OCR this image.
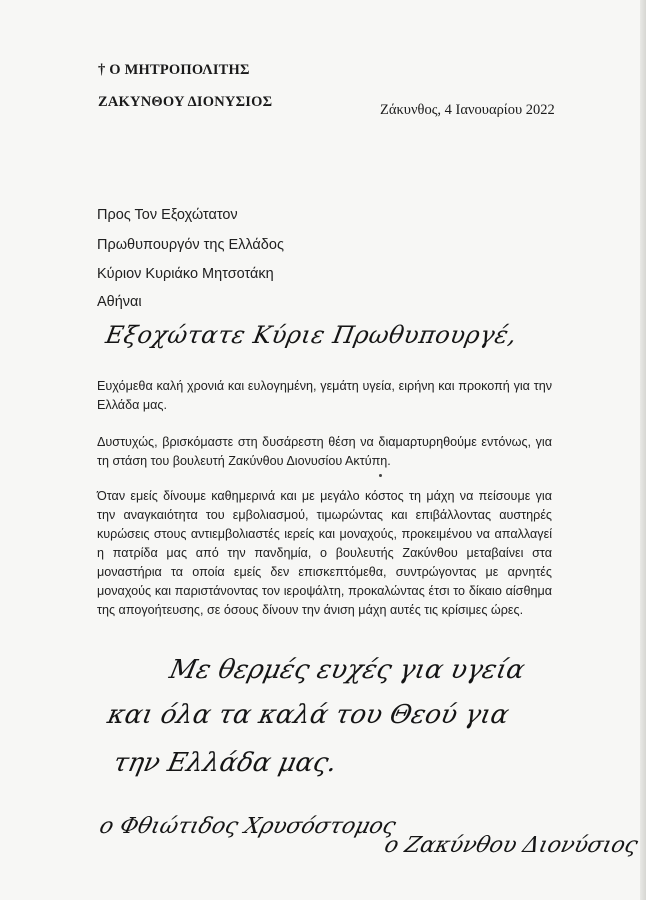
† Ο ΜΗΤΡΟΠΟΛΙΤΗΣ
ΖΑΚΥΝΘΟΥ ΔΙΟΝΥΣΙΟΣ	Ζάκυνθος, 4 Ιανουαρίου 2022
Προς Τον Εξοχώτατον
Πρωθυπουργόν της Ελλάδος
Κύριον Κυριάκο Μητσοτάκη
Αθήναι
Εξοχώτατε Κύριε Πρωθυπουργέ,
Ευχόμεθα καλή χρονιά και ευλογημένη, γεμάτη υγεία, ειρήνη και προκοπή για την Ελλάδα μας.
Δυστυχώς, βρισκόμαστε στη δυσάρεστη θέση να διαμαρτυρηθούμε εντόνως, για τη στάση του βουλευτή Ζακύνθου Διονυσίου Ακτύπη.
Όταν εμείς δίνουμε καθημερινά και με μεγάλο κόστος τη μάχη να πείσουμε για την αναγκαιότητα του εμβολιασμού, τιμωρώντας και επιβάλλοντας αυστηρές κυρώσεις στους αντιεμβολιαστές ιερείς και μοναχούς, προκειμένου να απαλλαγεί η πατρίδα μας από την πανδημία, ο βουλευτής Ζακύνθου μεταβαίνει στα μοναστήρια τα οποία εμείς δεν επισκεπτόμεθα, συντρώγοντας με αρνητές μοναχούς και παριστάνοντας τον ιεροψάλτη, προκαλώντας έτσι το δίκαιο αίσθημα της απογοήτευσης, σε όσους δίνουν την άνιση μάχη αυτές τις κρίσιμες ώρες.
Με θερμές ευχές για υγεία
και όλα τα καλά του Θεού για
την Ελλάδα μας.
ο Φθιώτιδος Χρυσόστομος
ο Ζακύνθου Διονύσιος
